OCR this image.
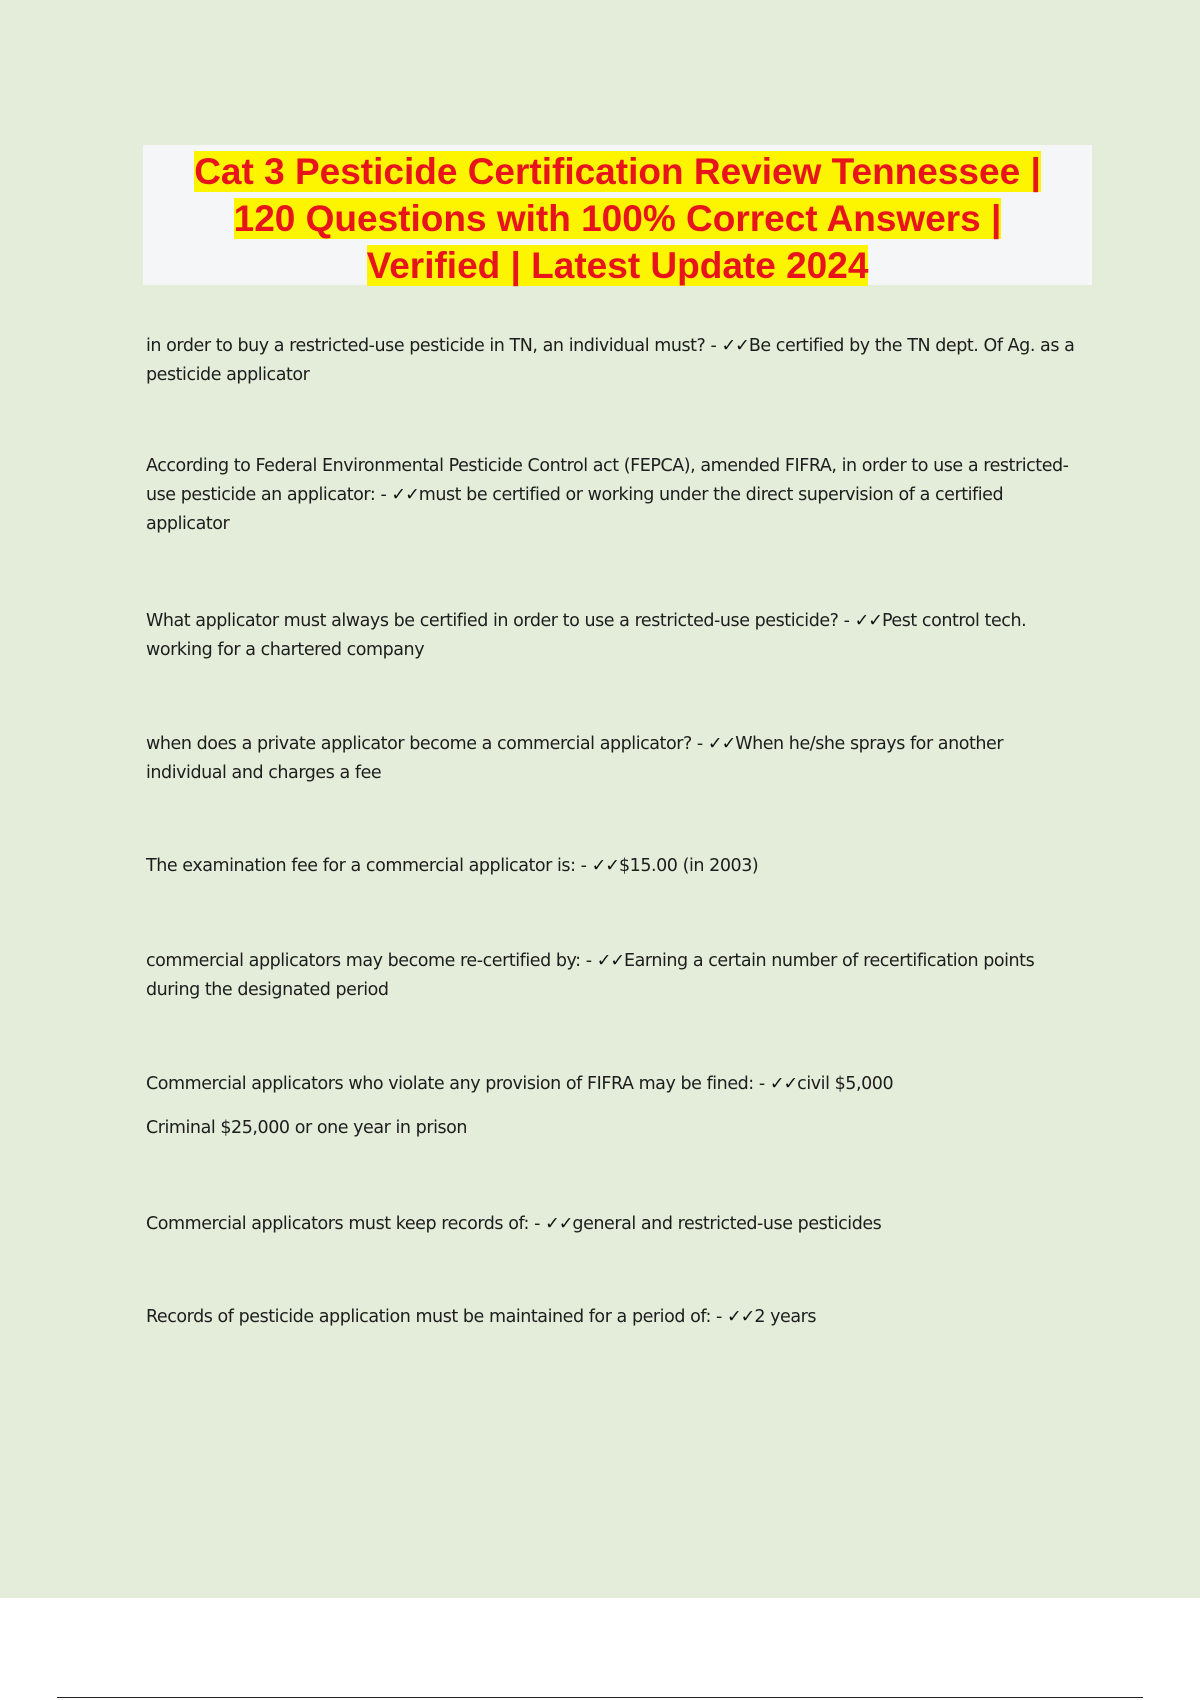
Cat 3 Pesticide Certification Review Tennessee |
120 Questions with 100% Correct Answers |
Verified | Latest Update 2024
in order to buy a restricted-use pesticide in TN, an individual must? - ✓✓Be certified by the TN dept. Of Ag. as a pesticide applicator
According to Federal Environmental Pesticide Control act (FEPCA), amended FIFRA, in order to use a restricted-use pesticide an applicator: - ✓✓must be certified or working under the direct supervision of a certified applicator
What applicator must always be certified in order to use a restricted-use pesticide? - ✓✓Pest control tech. working for a chartered company
when does a private applicator become a commercial applicator? - ✓✓When he/she sprays for another individual and charges a fee
The examination fee for a commercial applicator is: - ✓✓$15.00 (in 2003)
commercial applicators may become re-certified by: - ✓✓Earning a certain number of recertification points during the designated period
Commercial applicators who violate any provision of FIFRA may be fined: - ✓✓civil $5,000
Criminal $25,000 or one year in prison
Commercial applicators must keep records of: - ✓✓general and restricted-use pesticides
Records of pesticide application must be maintained for a period of: - ✓✓2 years
